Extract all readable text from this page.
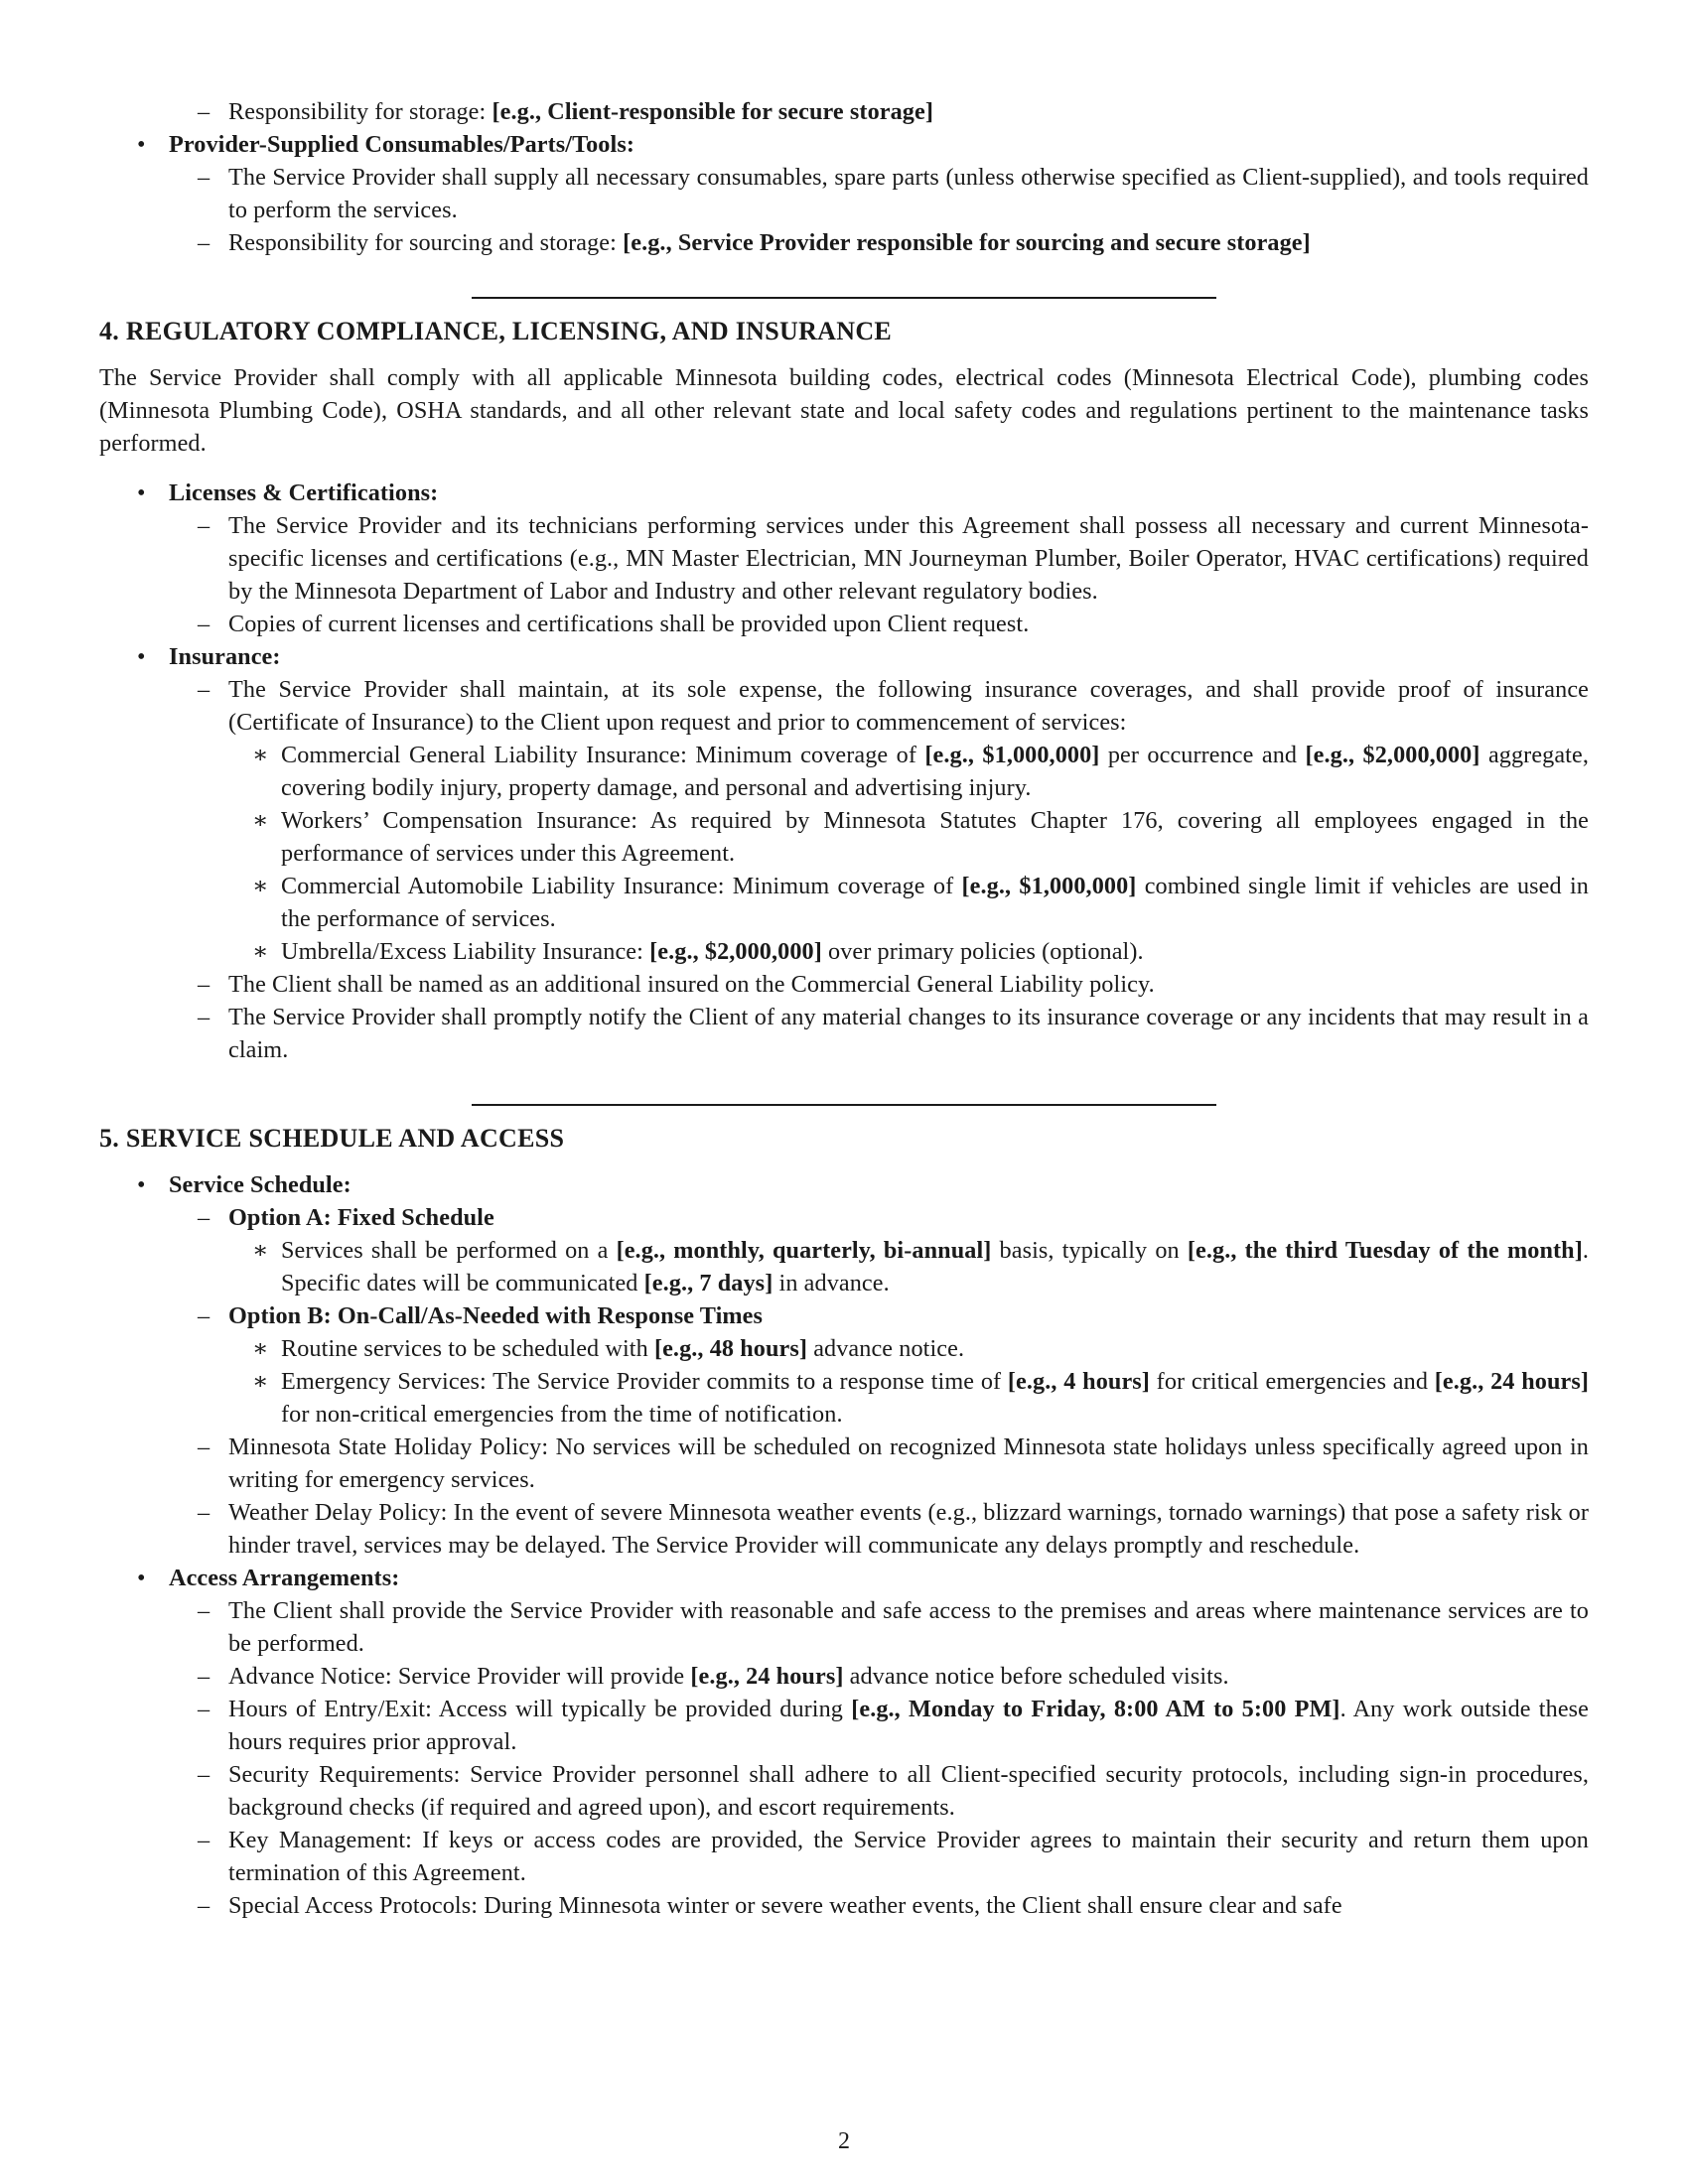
– Responsibility for storage: [e.g., Client-responsible for secure storage]
• Provider-Supplied Consumables/Parts/Tools:
– The Service Provider shall supply all necessary consumables, spare parts (unless otherwise specified as Client-supplied), and tools required to perform the services.
– Responsibility for sourcing and storage: [e.g., Service Provider responsible for sourcing and secure storage]
4. REGULATORY COMPLIANCE, LICENSING, AND INSURANCE
The Service Provider shall comply with all applicable Minnesota building codes, electrical codes (Minnesota Electrical Code), plumbing codes (Minnesota Plumbing Code), OSHA standards, and all other relevant state and local safety codes and regulations pertinent to the maintenance tasks performed.
• Licenses & Certifications:
– The Service Provider and its technicians performing services under this Agreement shall possess all necessary and current Minnesota-specific licenses and certifications (e.g., MN Master Electrician, MN Journeyman Plumber, Boiler Operator, HVAC certifications) required by the Minnesota Department of Labor and Industry and other relevant regulatory bodies.
– Copies of current licenses and certifications shall be provided upon Client request.
• Insurance:
– The Service Provider shall maintain, at its sole expense, the following insurance coverages, and shall provide proof of insurance (Certificate of Insurance) to the Client upon request and prior to commencement of services:
∗ Commercial General Liability Insurance: Minimum coverage of [e.g., $1,000,000] per occurrence and [e.g., $2,000,000] aggregate, covering bodily injury, property damage, and personal and advertising injury.
∗ Workers’ Compensation Insurance: As required by Minnesota Statutes Chapter 176, covering all employees engaged in the performance of services under this Agreement.
∗ Commercial Automobile Liability Insurance: Minimum coverage of [e.g., $1,000,000] combined single limit if vehicles are used in the performance of services.
∗ Umbrella/Excess Liability Insurance: [e.g., $2,000,000] over primary policies (optional).
– The Client shall be named as an additional insured on the Commercial General Liability policy.
– The Service Provider shall promptly notify the Client of any material changes to its insurance coverage or any incidents that may result in a claim.
5. SERVICE SCHEDULE AND ACCESS
• Service Schedule:
– Option A: Fixed Schedule
∗ Services shall be performed on a [e.g., monthly, quarterly, bi-annual] basis, typically on [e.g., the third Tuesday of the month]. Specific dates will be communicated [e.g., 7 days] in advance.
– Option B: On-Call/As-Needed with Response Times
∗ Routine services to be scheduled with [e.g., 48 hours] advance notice.
∗ Emergency Services: The Service Provider commits to a response time of [e.g., 4 hours] for critical emergencies and [e.g., 24 hours] for non-critical emergencies from the time of notification.
– Minnesota State Holiday Policy: No services will be scheduled on recognized Minnesota state holidays unless specifically agreed upon in writing for emergency services.
– Weather Delay Policy: In the event of severe Minnesota weather events (e.g., blizzard warnings, tornado warnings) that pose a safety risk or hinder travel, services may be delayed. The Service Provider will communicate any delays promptly and reschedule.
• Access Arrangements:
– The Client shall provide the Service Provider with reasonable and safe access to the premises and areas where maintenance services are to be performed.
– Advance Notice: Service Provider will provide [e.g., 24 hours] advance notice before scheduled visits.
– Hours of Entry/Exit: Access will typically be provided during [e.g., Monday to Friday, 8:00 AM to 5:00 PM]. Any work outside these hours requires prior approval.
– Security Requirements: Service Provider personnel shall adhere to all Client-specified security protocols, including sign-in procedures, background checks (if required and agreed upon), and escort requirements.
– Key Management: If keys or access codes are provided, the Service Provider agrees to maintain their security and return them upon termination of this Agreement.
– Special Access Protocols: During Minnesota winter or severe weather events, the Client shall ensure clear and safe
2
